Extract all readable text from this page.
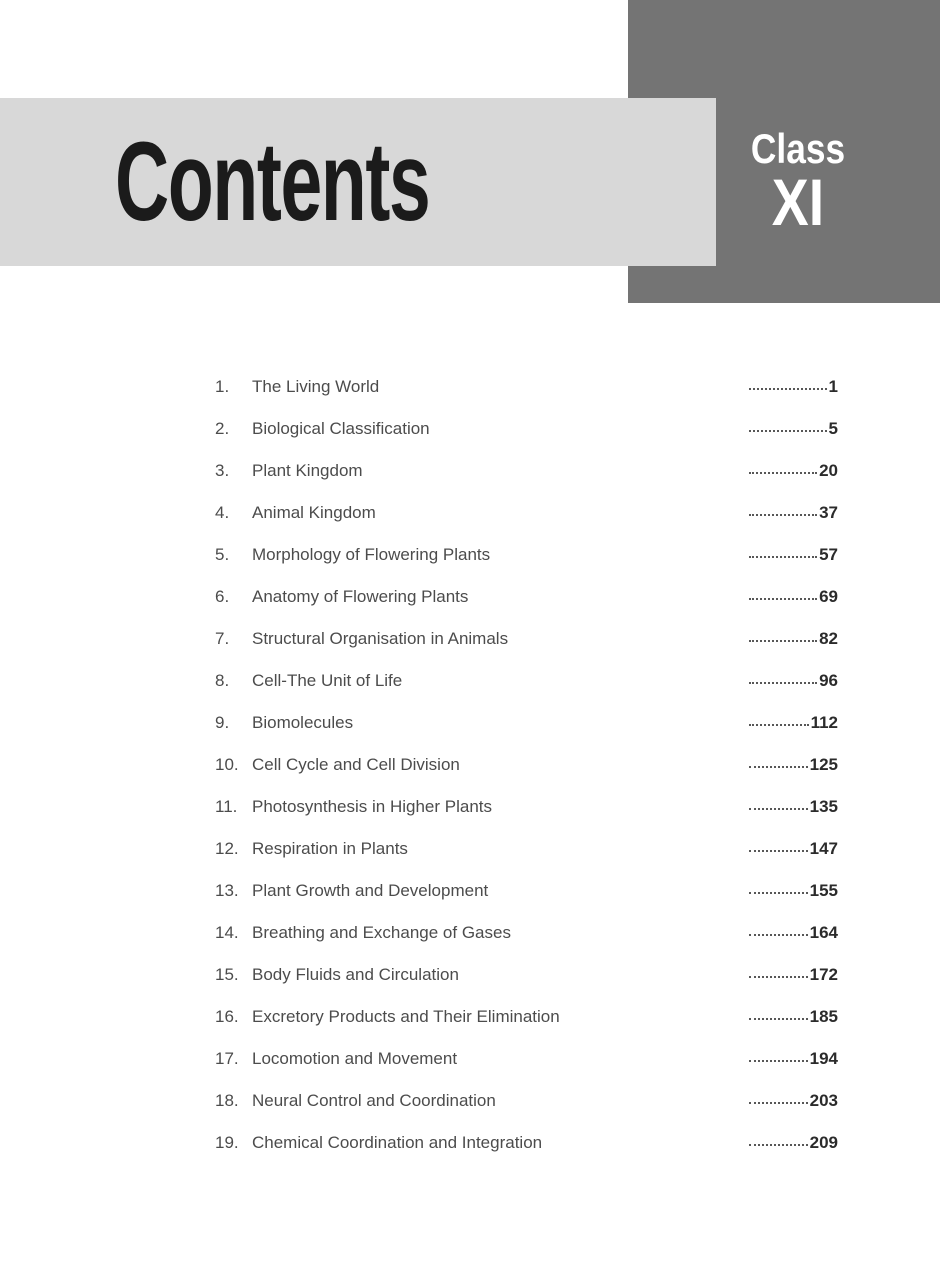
Class
XI
Contents
1.	The Living World	1
2.	Biological Classification	5
3.	Plant Kingdom	20
4.	Animal Kingdom	37
5.	Morphology of Flowering Plants	57
6.	Anatomy of Flowering Plants	69
7.	Structural Organisation in Animals	82
8.	Cell-The Unit of Life	96
9.	Biomolecules	112
10. Cell Cycle and Cell Division	125
11. Photosynthesis in Higher Plants	135
12. Respiration in Plants	147
13. Plant Growth and Development	155
14. Breathing and Exchange of Gases	164
15. Body Fluids and Circulation	172
16. Excretory Products and Their Elimination	185
17. Locomotion and Movement	194
18. Neural Control and Coordination	203
19. Chemical Coordination and Integration	209
